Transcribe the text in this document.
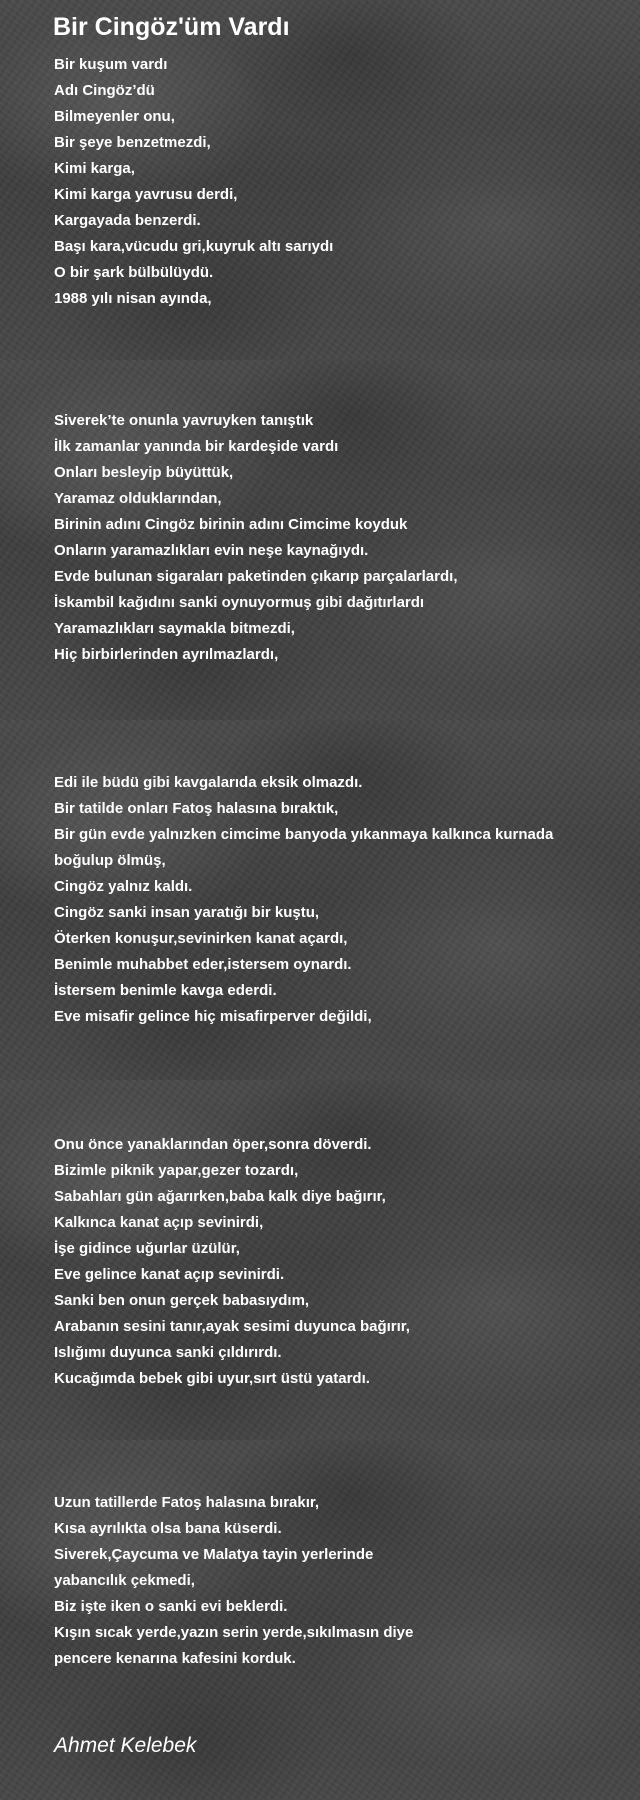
Bir Cingöz'üm Vardı
Bir kuşum vardı
Adı Cingöz’dü
Bilmeyenler onu,
Bir şeye benzetmezdi,
Kimi karga,
Kimi karga yavrusu derdi,
Kargayada benzerdi.
Başı kara,vücudu gri,kuyruk altı sarıydı
O bir şark bülbülüydü.
1988 yılı nisan ayında,
Siverek’te onunla yavruyken tanıştık
İlk zamanlar yanında bir kardeşide vardı
Onları besleyip büyüttük,
Yaramaz olduklarından,
Birinin adını Cingöz birinin adını Cimcime koyduk
Onların yaramazlıkları evin neşe kaynağıydı.
Evde bulunan sigaraları paketinden çıkarıp parçalarlardı,
İskambil kağıdını sanki oynuyormuş gibi dağıtırlardı
Yaramazlıkları saymakla bitmezdi,
Hiç birbirlerinden ayrılmazlardı,
Edi ile büdü gibi kavgalarıda eksik olmazdı.
Bir tatilde onları Fatoş halasına bıraktık,
Bir gün evde yalnızken cimcime banyoda yıkanmaya kalkınca kurnada
boğulup ölmüş,
Cingöz yalnız kaldı.
Cingöz sanki insan yaratığı bir kuştu,
Öterken konuşur,sevinirken kanat açardı,
Benimle muhabbet eder,istersem oynardı.
İstersem benimle kavga ederdi.
Eve misafir gelince hiç misafirperver değildi,
Onu önce yanaklarından öper,sonra döverdi.
Bizimle piknik yapar,gezer tozardı,
Sabahları gün ağarırken,baba kalk diye bağırır,
Kalkınca kanat açıp sevinirdi,
İşe gidince uğurlar üzülür,
Eve gelince kanat açıp sevinirdi.
Sanki ben onun gerçek babasıydım,
Arabanın sesini tanır,ayak sesimi duyunca bağırır,
Islığımı duyunca sanki çıldırırdı.
Kucağımda bebek gibi uyur,sırt üstü yatardı.
Uzun tatillerde Fatoş halasına bırakır,
Kısa ayrılıkta olsa bana küserdi.
Siverek,Çaycuma ve Malatya tayin yerlerinde
yabancılık çekmedi,
Biz işte iken o sanki evi beklerdi.
Kışın sıcak yerde,yazın serin yerde,sıkılmasın diye
pencere kenarına kafesini korduk.
Ahmet Kelebek
